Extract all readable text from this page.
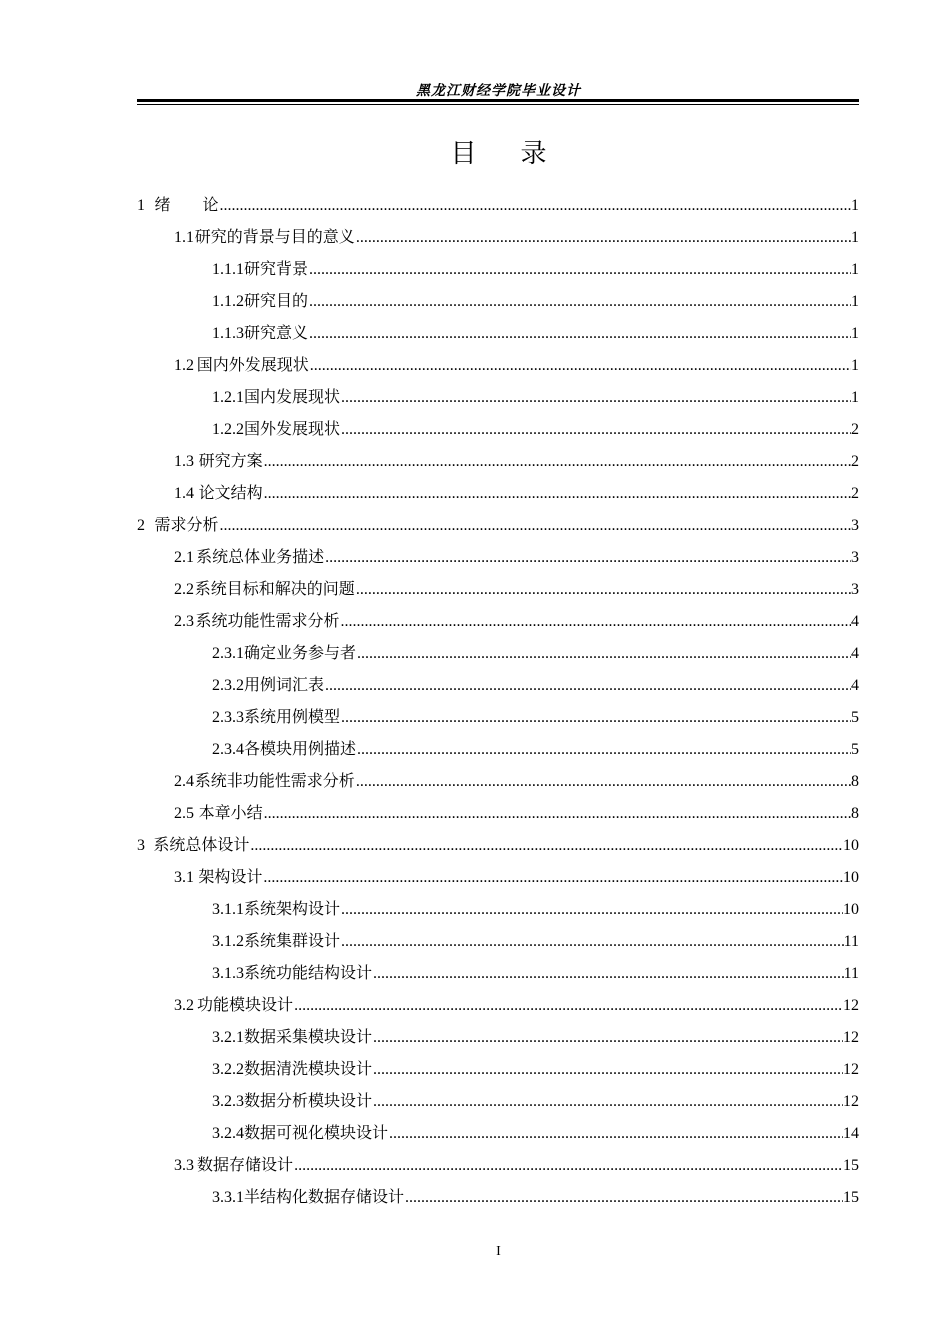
黑龙江财经学院毕业设计
目 录
1 绪　　论 .....	1
1.1 研究的背景与目的意义 .....	1
1.1.1 研究背景 .....	1
1.1.2 研究目的 .....	1
1.1.3 研究意义 .....	1
1.2 国内外发展现状 .....	1
1.2.1 国内发展现状 .....	1
1.2.2 国外发展现状 .....	2
1.3 研究方案 .....	2
1.4 论文结构 .....	2
2 需求分析 .....	3
2.1 系统总体业务描述 .....	3
2.2 系统目标和解决的问题 .....	3
2.3 系统功能性需求分析 .....	4
2.3.1 确定业务参与者 .....	4
2.3.2 用例词汇表 .....	4
2.3.3 系统用例模型 .....	5
2.3.4 各模块用例描述 .....	5
2.4 系统非功能性需求分析 .....	8
2.5 本章小结 .....	8
3 系统总体设计 .....	10
3.1 架构设计 .....	10
3.1.1 系统架构设计 .....	10
3.1.2 系统集群设计 .....	11
3.1.3 系统功能结构设计 .....	11
3.2 功能模块设计 .....	12
3.2.1 数据采集模块设计 .....	12
3.2.2 数据清洗模块设计 .....	12
3.2.3 数据分析模块设计 .....	12
3.2.4 数据可视化模块设计 .....	14
3.3 数据存储设计 .....	15
3.3.1 半结构化数据存储设计 .....	15
I
